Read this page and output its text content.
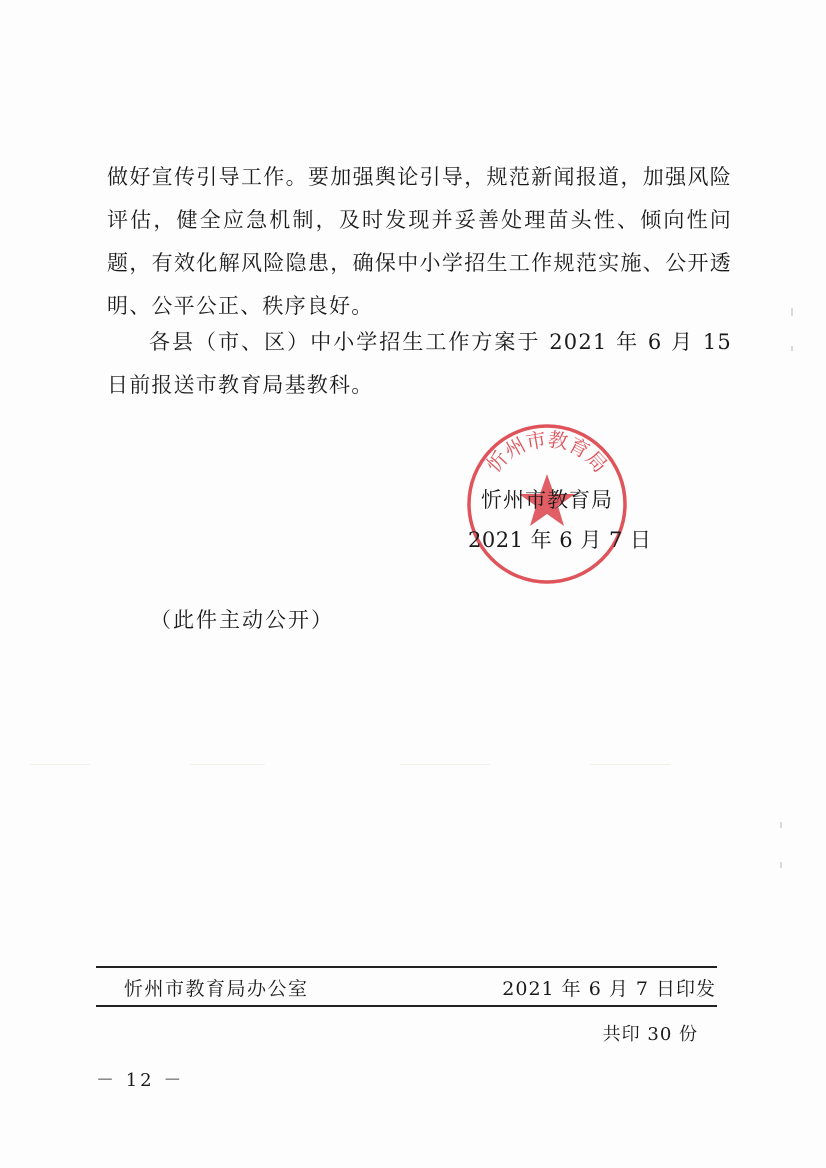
做好宣传引导工作。要加强舆论引导，规范新闻报道，加强风险评估，健全应急机制，及时发现并妥善处理苗头性、倾向性问题，有效化解风险隐患，确保中小学招生工作规范实施、公开透明、公平公正、秩序良好。

各县（市、区）中小学招生工作方案于 2021 年 6 月 15 日前报送市教育局基教科。

忻州市教育局
忻州市教育局
2021 年 6 月 7 日
（此件主动公开）
忻州市教育局办公室	2021 年 6 月 7 日印发
共印 30 份
－ 12 －
